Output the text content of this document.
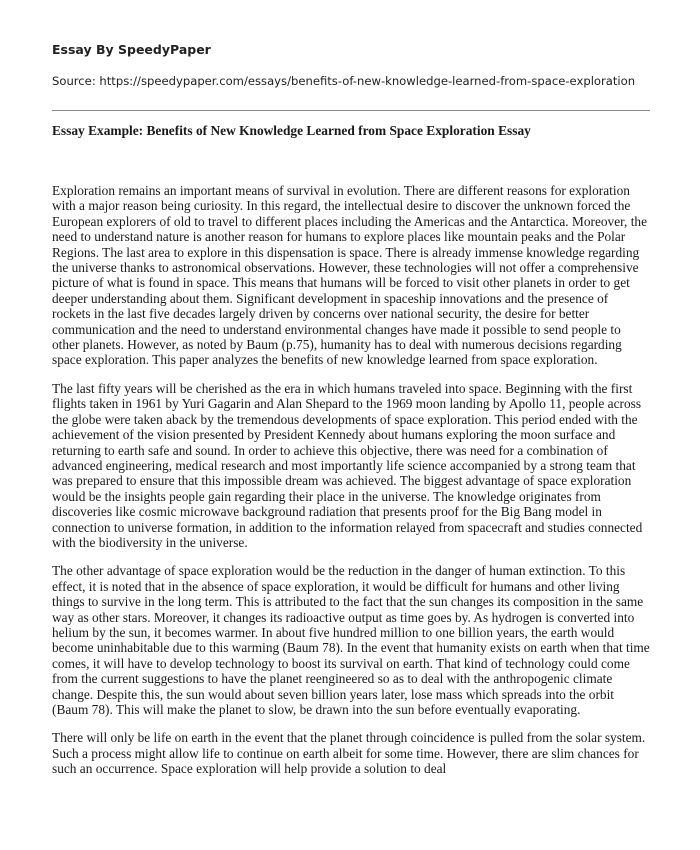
Essay By SpeedyPaper
Source: https://speedypaper.com/essays/benefits-of-new-knowledge-learned-from-space-exploration
Essay Example: Benefits of New Knowledge Learned from Space Exploration Essay

Exploration remains an important means of survival in evolution. There are different reasons for exploration with a major reason being curiosity. In this regard, the intellectual desire to discover the unknown forced the European explorers of old to travel to different places including the Americas and the Antarctica. Moreover, the need to understand nature is another reason for humans to explore places like mountain peaks and the Polar Regions. The last area to explore in this dispensation is space. There is already immense knowledge regarding the universe thanks to astronomical observations. However, these technologies will not offer a comprehensive picture of what is found in space. This means that humans will be forced to visit other planets in order to get deeper understanding about them. Significant development in spaceship innovations and the presence of rockets in the last five decades largely driven by concerns over national security, the desire for better communication and the need to understand environmental changes have made it possible to send people to other planets. However, as noted by Baum (p.75), humanity has to deal with numerous decisions regarding space exploration. This paper analyzes the benefits of new knowledge learned from space exploration.

The last fifty years will be cherished as the era in which humans traveled into space. Beginning with the first flights taken in 1961 by Yuri Gagarin and Alan Shepard to the 1969 moon landing by Apollo 11, people across the globe were taken aback by the tremendous developments of space exploration. This period ended with the achievement of the vision presented by President Kennedy about humans exploring the moon surface and returning to earth safe and sound. In order to achieve this objective, there was need for a combination of advanced engineering, medical research and most importantly life science accompanied by a strong team that was prepared to ensure that this impossible dream was achieved. The biggest advantage of space exploration would be the insights people gain regarding their place in the universe. The knowledge originates from discoveries like cosmic microwave background radiation that presents proof for the Big Bang model in connection to universe formation, in addition to the information relayed from spacecraft and studies connected with the biodiversity in the universe.

The other advantage of space exploration would be the reduction in the danger of human extinction. To this effect, it is noted that in the absence of space exploration, it would be difficult for humans and other living things to survive in the long term. This is attributed to the fact that the sun changes its composition in the same way as other stars. Moreover, it changes its radioactive output as time goes by. As hydrogen is converted into helium by the sun, it becomes warmer. In about five hundred million to one billion years, the earth would become uninhabitable due to this warming (Baum 78). In the event that humanity exists on earth when that time comes, it will have to develop technology to boost its survival on earth. That kind of technology could come from the current suggestions to have the planet reengineered so as to deal with the anthropogenic climate change. Despite this, the sun would about seven billion years later, lose mass which spreads into the orbit (Baum 78). This will make the planet to slow, be drawn into the sun before eventually evaporating.

There will only be life on earth in the event that the planet through coincidence is pulled from the solar system. Such a process might allow life to continue on earth albeit for some time. However, there are slim chances for such an occurrence. Space exploration will help provide a solution to deal
